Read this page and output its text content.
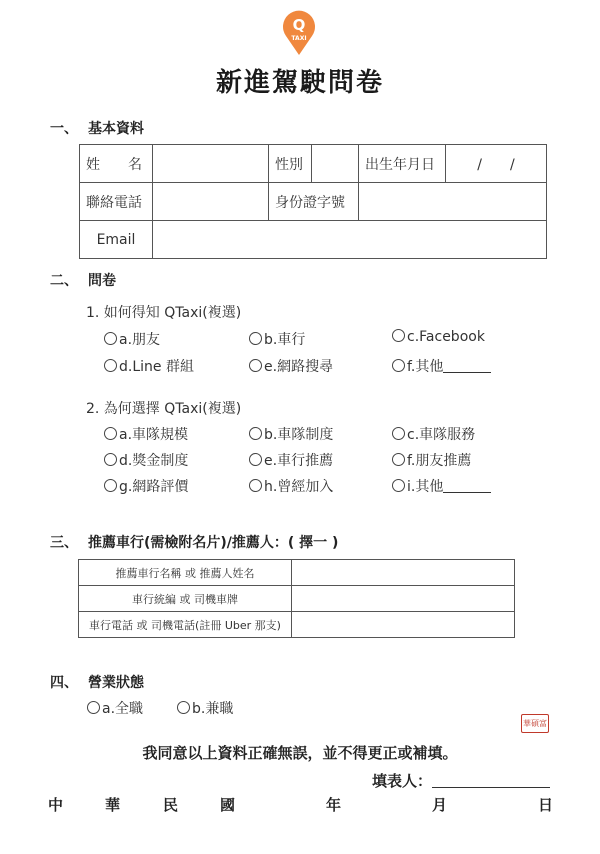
Q
TAXI
新進駕駛問卷
一、 基本資料
姓　　名		性別		出生年月日	/　　/
聯絡電話		身份證字號			
Email					
二、 問卷
1. 如何得知 QTaxi(複選)
a.朋友	b.車行	c.Facebook
d.Line 群組	e.網路搜尋	f.其他
2. 為何選擇 QTaxi(複選)
a.車隊規模	b.車隊制度	c.車隊服務
d.獎金制度	e.車行推薦	f.朋友推薦
g.網路評價	h.曾經加入	i.其他
三、 推薦車行(需檢附名片)/推薦人：( 擇一 )
推薦車行名稱 或 推薦人姓名	
車行統編 或 司機車牌	
車行電話 或 司機電話(註冊 Uber 那支)	
四、 營業狀態
a.全職	b.兼職
華碩富
我同意以上資料正確無誤，並不得更正或補填。
填表人：
中	華	民	國	年	月	日
